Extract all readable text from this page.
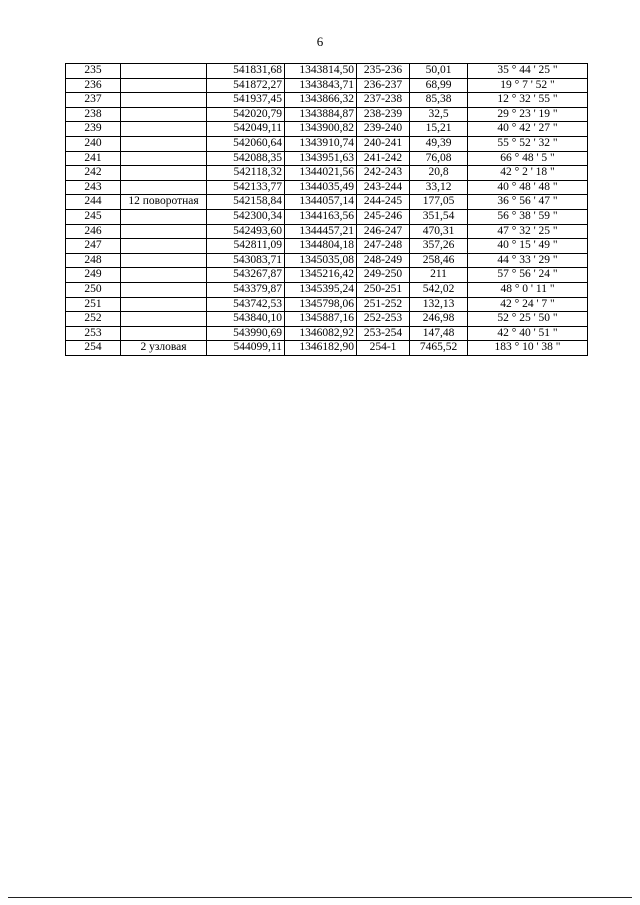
6
235		541831,68	1343814,50	235-236	50,01	35 ° 44 ' 25 "
236		541872,27	1343843,71	236-237	68,99	19 ° 7 ' 52 "
237		541937,45	1343866,32	237-238	85,38	12 ° 32 ' 55 "
238		542020,79	1343884,87	238-239	32,5	29 ° 23 ' 19 "
239		542049,11	1343900,82	239-240	15,21	40 ° 42 ' 27 "
240		542060,64	1343910,74	240-241	49,39	55 ° 52 ' 32 "
241		542088,35	1343951,63	241-242	76,08	66 ° 48 ' 5 "
242		542118,32	1344021,56	242-243	20,8	42 ° 2 ' 18 "
243		542133,77	1344035,49	243-244	33,12	40 ° 48 ' 48 "
244	12 поворотная	542158,84	1344057,14	244-245	177,05	36 ° 56 ' 47 "
245		542300,34	1344163,56	245-246	351,54	56 ° 38 ' 59 "
246		542493,60	1344457,21	246-247	470,31	47 ° 32 ' 25 "
247		542811,09	1344804,18	247-248	357,26	40 ° 15 ' 49 "
248		543083,71	1345035,08	248-249	258,46	44 ° 33 ' 29 "
249		543267,87	1345216,42	249-250	211	57 ° 56 ' 24 "
250		543379,87	1345395,24	250-251	542,02	48 ° 0 ' 11 "
251		543742,53	1345798,06	251-252	132,13	42 ° 24 ' 7 "
252		543840,10	1345887,16	252-253	246,98	52 ° 25 ' 50 "
253		543990,69	1346082,92	253-254	147,48	42 ° 40 ' 51 "
254	2 узловая	544099,11	1346182,90	254-1	7465,52	183 ° 10 ' 38 "
